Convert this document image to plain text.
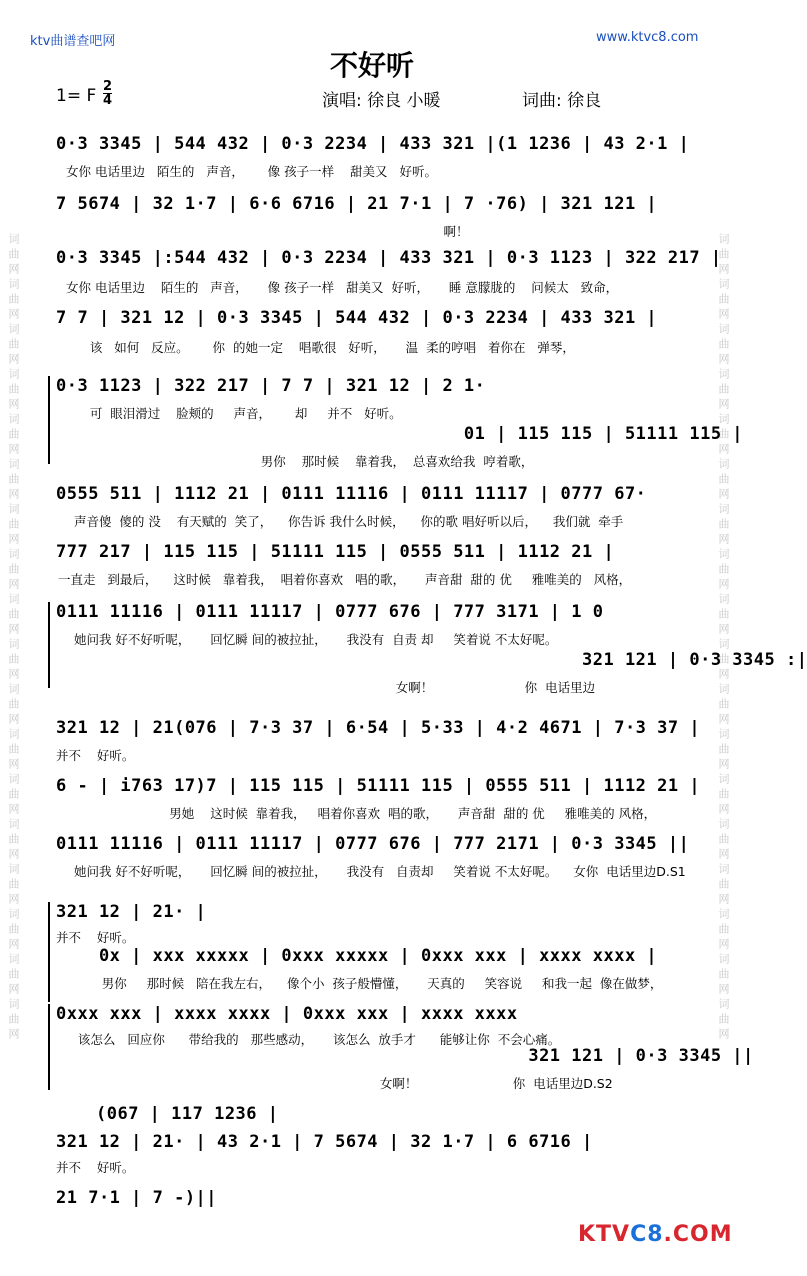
词曲网词曲网词曲网词曲网词曲网词曲网词曲网词曲网词曲网词曲网词曲网词曲网词曲网词曲网词曲网词曲网词曲网词曲网	词曲网词曲网词曲网词曲网词曲网词曲网词曲网词曲网词曲网词曲网词曲网词曲网词曲网词曲网词曲网词曲网词曲网词曲网
ktv曲谱查吧网	www.ktvc8.com
不好听
1= F 2
4	演唱: 徐良 小暖	词曲: 徐良
0·3 3345 | 544 432 | 0·3 2234 | 433 321 |(1 1236 | 43 2·1 |
女你 电话里边   陌生的   声音，      像 孩子一样    甜美又   好听。
7 5674 | 32 1·7 | 6·6 6716 | 21 7·1 | 7 ·76) | 321 121 |
啊！
0·3 3345 |:544 432 | 0·3 2234 | 433 321 | 0·3 1123 | 322 217 |
女你 电话里边    陌生的   声音，     像 孩子一样   甜美又  好听，     睡 意朦胧的    问候太   致命，
7 7 | 321 12 | 0·3 3345 | 544 432 | 0·3 2234 | 433 321 |
该   如何   反应。      你  的她一定    唱歌很   好听，     温  柔的哼唱   着你在   弹琴，
0·3 1123 | 322 217 | 7 7 | 321 12 | 2 1·
可  眼泪滑过    脸颊的     声音，      却     并不   好听。
01 | 115 115 | 51111 115 |
男你    那时候    靠着我，  总喜欢给我  哼着歌，
0555 511 | 1112 21 | 0111 11116 | 0111 11117 | 0777 67·
声音傻  傻的 没    有天赋的  笑了，    你告诉 我什么时候，    你的歌 唱好听以后，    我们就  牵手
777 217 | 115 115 | 51111 115 | 0555 511 | 1112 21 |
一直走   到最后，    这时候   靠着我，  唱着你喜欢   唱的歌，     声音甜  甜的 优     雅唯美的   风格，
0111 11116 | 0111 11117 | 0777 676 | 777 3171 | 1 0
她问我 好不好听呢，     回忆瞬 间的被拉扯，     我没有  自责 却     笑着说 不太好呢。
321 121 | 0·3 3345 :|
女啊！                       你  电话里边
321 12 | 21(076 | 7·3 37 | 6·54 | 5·33 | 4·2 4671 | 7·3 37 |
并不    好听。
6 - | i763 17)7 | 115 115 | 51111 115 | 0555 511 | 1112 21 |
男她    这时候  靠着我，   唱着你喜欢  唱的歌，     声音甜  甜的 优     雅唯美的 风格，
0111 11116 | 0111 11117 | 0777 676 | 777 2171 | 0·3 3345 ||
她问我 好不好听呢，     回忆瞬 间的被拉扯，     我没有   自责却     笑着说 不太好呢。    女你  电话里边D.S1
321 12 | 21· |
并不    好听。
0x | xxx xxxxx | 0xxx xxxxx | 0xxx xxx | xxxx xxxx |
男你     那时候   陪在我左右，    像个小  孩子般懵懂，     天真的     笑容说     和我一起  像在做梦，
0xxx xxx | xxxx xxxx | 0xxx xxx | xxxx xxxx
该怎么   回应你      带给我的   那些感动，     该怎么  放手才      能够让你  不会心痛。
321 121 | 0·3 3345 ||
女啊！                        你  电话里边D.S2
(067 | 117 1236 |
321 12 | 21· | 43 2·1 | 7 5674 | 32 1·7 | 6 6716 |
并不    好听。
21 7·1 | 7 -)||
KTVC8.COM
